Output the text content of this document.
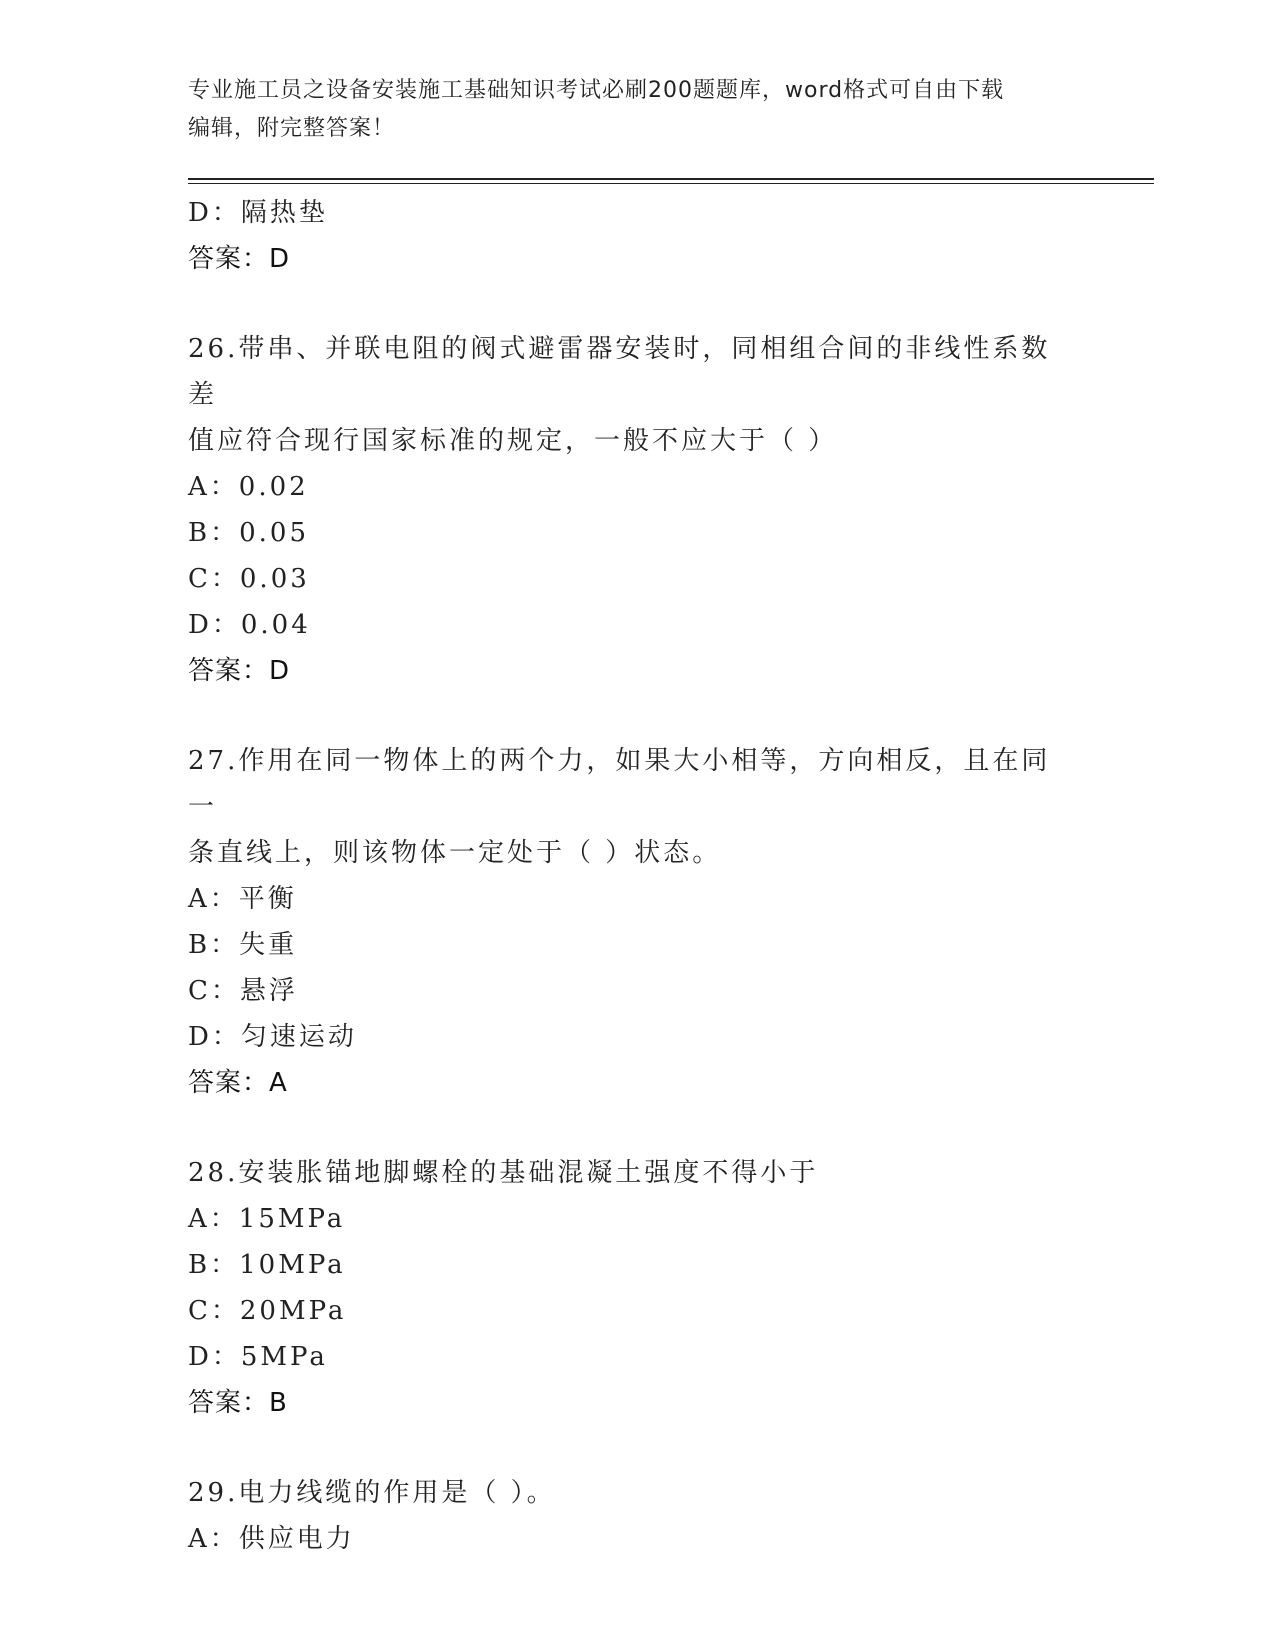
专业施工员之设备安装施工基础知识考试必刷200题题库，word格式可自由下载
编辑，附完整答案！
D：隔热垫
答案：D
26.带串、并联电阻的阀式避雷器安装时，同相组合间的非线性系数差
值应符合现行国家标准的规定，一般不应大于（ ）
A：0.02
B：0.05
C：0.03
D：0.04
答案：D
27.作用在同一物体上的两个力，如果大小相等，方向相反，且在同一
条直线上，则该物体一定处于（ ）状态。
A：平衡
B：失重
C：悬浮
D：匀速运动
答案：A
28.安装胀锚地脚螺栓的基础混凝土强度不得小于
A：15MPa
B：10MPa
C：20MPa
D：5MPa
答案：B
29.电力线缆的作用是（ ）。
A：供应电力
